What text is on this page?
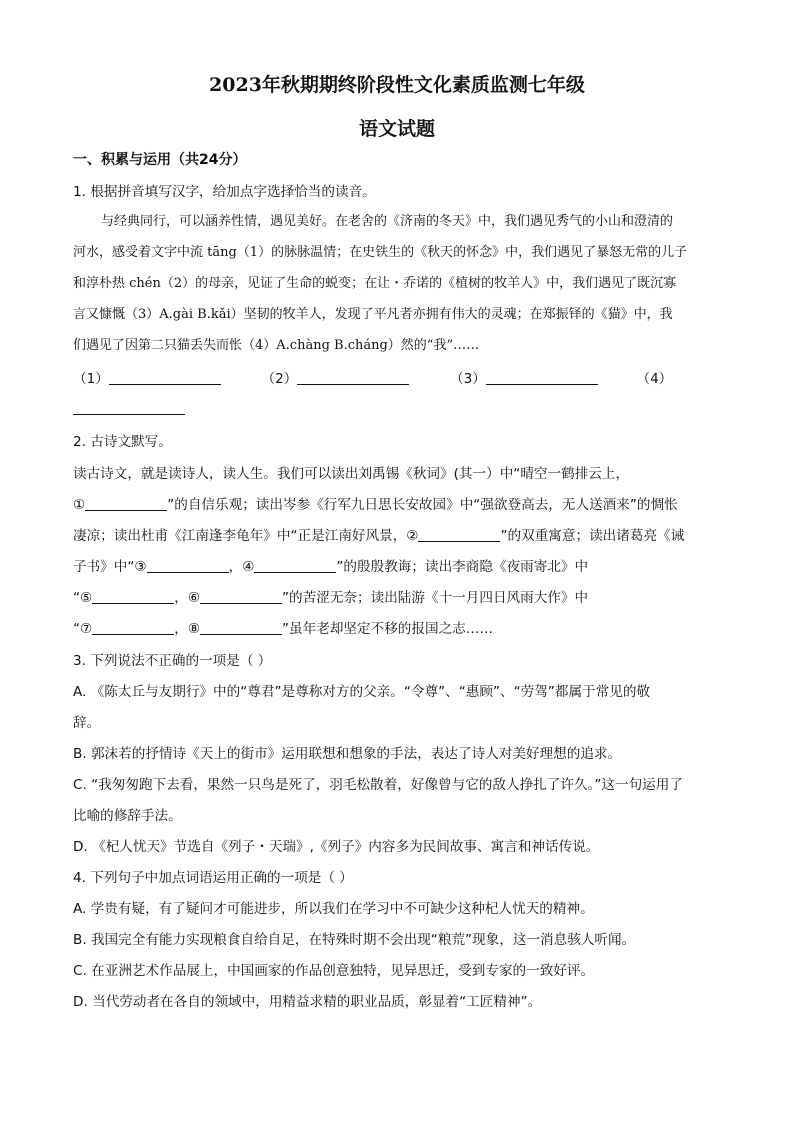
2023年秋期期终阶段性文化素质监测七年级
语文试题
一、积累与运用（共24分）
1. 根据拼音填写汉字，给加点字选择恰当的读音。
与经典同行，可以涵养性情，遇见美好。在老舍的《济南的冬天》中，我们遇见秀气的小山和澄清的
河水，感受着文字中流 tāng（1）的脉脉温情；在史铁生的《秋天的怀念》中，我们遇见了暴怒无常的儿子
和淳朴热 chén（2）的母亲，见证了生命的蜕变；在让・乔诺的《植树的牧羊人》中，我们遇见了既沉寡
言又慷慨（3）A.gài B.kǎi）坚韧的牧羊人，发现了平凡者亦拥有伟大的灵魂；在郑振铎的《猫》中，我
们遇见了因第二只猫丢失而怅（4）A.chàng B.cháng）然的“我”……
（1）	（2）	（3）	（4）
2. 古诗文默写。
读古诗文，就是读诗人，读人生。我们可以读出刘禹锡《秋词》(其一）中“晴空一鹤排云上，
①	”的自信乐观；读出岑参《行军九日思长安故园》中“强欲登高去，无人送酒来”的惆怅
凄凉；读出杜甫《江南逢李龟年》中“正是江南好风景，②	”的双重寓意；读出诸葛亮《诫
子书》中“③	，④	”的殷殷教诲；读出李商隐《夜雨寄北》中
“⑤	，⑥	”的苦涩无奈；读出陆游《十一月四日风雨大作》中
“⑦	，⑧	”虽年老却坚定不移的报国之志……
3. 下列说法不正确的一项是（ ）
A. 《陈太丘与友期行》中的“尊君”是尊称对方的父亲。“令尊”、“惠顾”、“劳驾”都属于常见的敬
辞。
B. 郭沫若的抒情诗《天上的街市》运用联想和想象的手法，表达了诗人对美好理想的追求。
C. “我匆匆跑下去看，果然一只鸟是死了，羽毛松散着，好像曾与它的敌人挣扎了许久。”这一句运用了
比喻的修辞手法。
D. 《杞人忧天》节选自《列子・天瑞》,《列子》内容多为民间故事、寓言和神话传说。
4. 下列句子中加点词语运用正确的一项是（ ）
A. 学贵有疑，有了疑问才可能进步，所以我们在学习中不可缺少这种杞人忧天的精神。
B. 我国完全有能力实现粮食自给自足，在特殊时期不会出现“粮荒”现象，这一消息骇人听闻。
C. 在亚洲艺术作品展上，中国画家的作品创意独特，见异思迁，受到专家的一致好评。
D. 当代劳动者在各自的领域中，用精益求精的职业品质，彰显着“工匠精神”。
